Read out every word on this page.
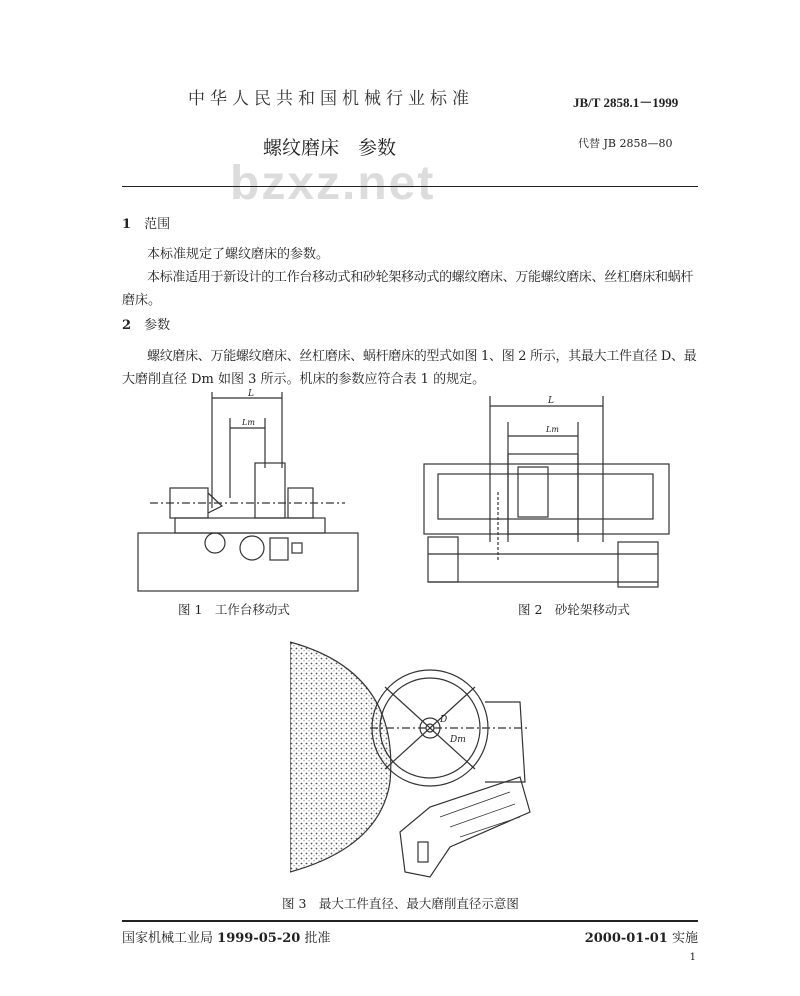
bzxz.net
中华人民共和国机械行业标准	JB/T 2858.1－1999
螺纹磨床　参数	代替 JB 2858—80
1　 范围
本标准规定了螺纹磨床的参数。
本标准适用于新设计的工作台移动式和砂轮架移动式的螺纹磨床、万能螺纹磨床、丝杠磨床和蜗杆
磨床。
2　 参数
螺纹磨床、万能螺纹磨床、丝杠磨床、蜗杆磨床的型式如图 1、图 2 所示，其最大工件直径 D、最
大磨削直径 Dm 如图 3 所示。机床的参数应符合表 1 的规定。
L
Lm
图 1　工作台移动式
L
Lm
图 2　砂轮架移动式
D
Dm
图 3　最大工件直径、最大磨削直径示意图
国家机械工业局 1999-05-20 批准	2000-01-01 实施
1
